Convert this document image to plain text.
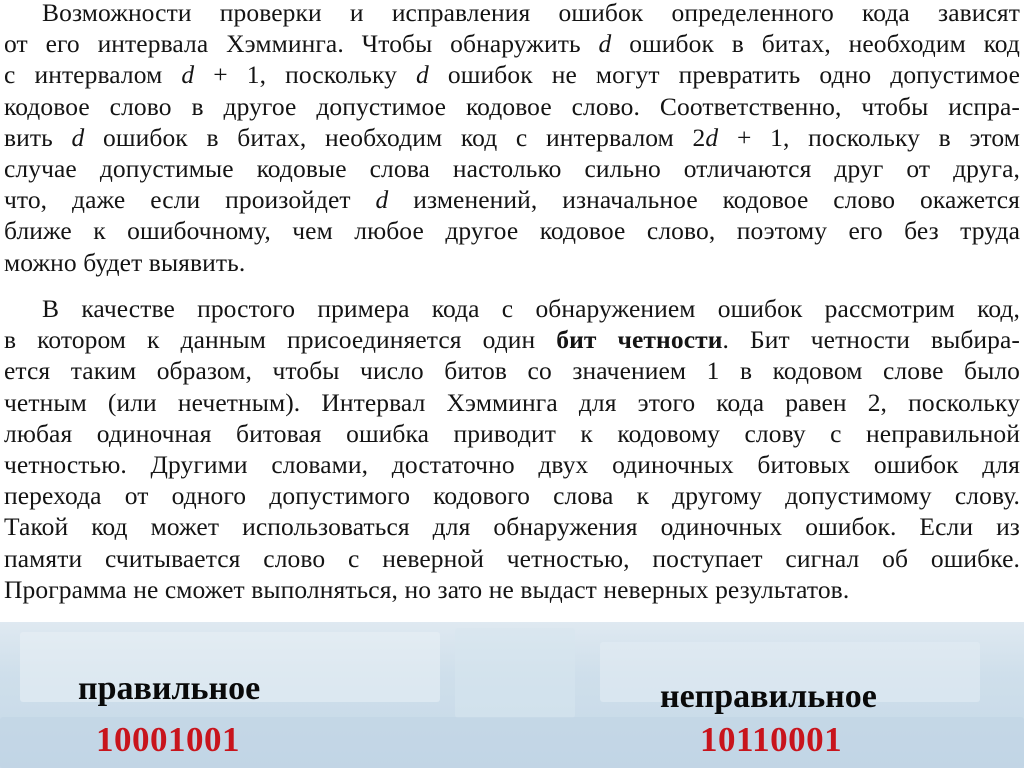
Возможности проверки и исправления ошибок определенного кода зависят
от его интервала Хэмминга. Чтобы обнаружить d ошибок в битах, необходим код
с интервалом d + 1, поскольку d ошибок не могут превратить одно допустимое
кодовое слово в другое допустимое кодовое слово. Соответственно, чтобы испра-
вить d ошибок в битах, необходим код с интервалом 2d + 1, поскольку в этом
случае допустимые кодовые слова настолько сильно отличаются друг от друга,
что, даже если произойдет d изменений, изначальное кодовое слово окажется
ближе к ошибочному, чем любое другое кодовое слово, поэтому его без труда
можно будет выявить.
В качестве простого примера кода с обнаружением ошибок рассмотрим код,
в котором к данным присоединяется один бит четности. Бит четности выбира-
ется таким образом, чтобы число битов со значением 1 в кодовом слове было
четным (или нечетным). Интервал Хэмминга для этого кода равен 2, поскольку
любая одиночная битовая ошибка приводит к кодовому слову с неправильной
четностью. Другими словами, достаточно двух одиночных битовых ошибок для
перехода от одного допустимого кодового слова к другому допустимому слову.
Такой код может использоваться для обнаружения одиночных ошибок. Если из
памяти считывается слово с неверной четностью, поступает сигнал об ошибке.
Программа не сможет выполняться, но зато не выдаст неверных результатов.
правильное
10001001
неправильное
10110001
